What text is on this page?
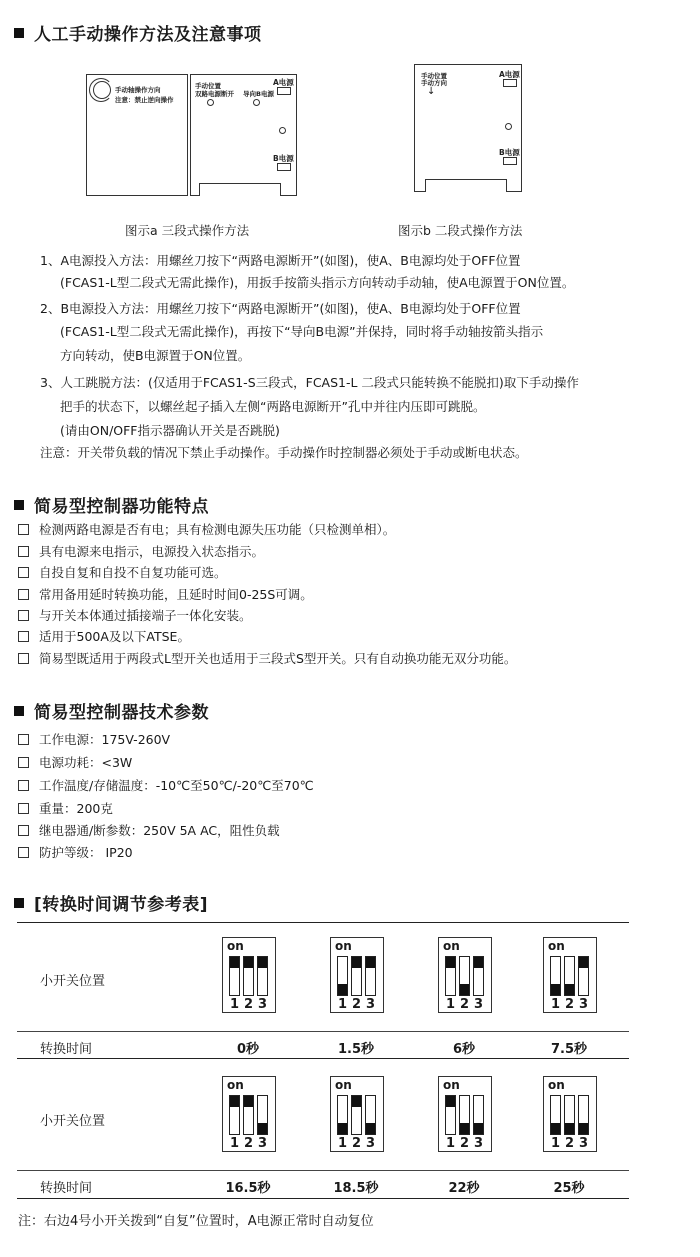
人工手动操作方法及注意事项
手动轴操作方向
注意：禁止逆向操作
手动位置
双路电源断开 导向B电源
A电源
B电源
手动位置
手动方向
↓
A电源
B电源
图示a 三段式操作方法	图示b 二段式操作方法
1、A电源投入方法：用螺丝刀按下“两路电源断开”(如图)，使A、B电源均处于OFF位置
(FCAS1-L型二段式无需此操作)，用扳手按箭头指示方向转动手动轴，使A电源置于ON位置。
2、B电源投入方法：用螺丝刀按下“两路电源断开”(如图)，使A、B电源均处于OFF位置
(FCAS1-L型二段式无需此操作)，再按下“导向B电源”并保持，同时将手动轴按箭头指示
方向转动，使B电源置于ON位置。
3、人工跳脱方法：(仅适用于FCAS1-S三段式，FCAS1-L 二段式只能转换不能脱扣)取下手动操作
把手的状态下，以螺丝起子插入左侧“两路电源断开”孔中并往内压即可跳脱。
(请由ON/OFF指示器确认开关是否跳脱)
注意：开关带负载的情况下禁止手动操作。手动操作时控制器必须处于手动或断电状态。
简易型控制器功能特点
检测两路电源是否有电；具有检测电源失压功能（只检测单相）。
具有电源来电指示，电源投入状态指示。
自投自复和自投不自复功能可选。
常用备用延时转换功能，且延时时间0-25S可调。
与开关本体通过插接端子一体化安装。
适用于500A及以下ATSE。
简易型既适用于两段式L型开关也适用于三段式S型开关。只有自动换功能无双分功能。
简易型控制器技术参数
工作电源：175V-260V
电源功耗：<3W
工作温度/存储温度：-10℃至50℃/-20℃至70℃
重量：200克
继电器通/断参数：250V 5A AC，阻性负载
防护等级： IP20
[转换时间调节参考表]
小开关位置
转换时间
小开关位置
转换时间
on
1 2 3
0秒
on
1 2 3
1.5秒
on
1 2 3
6秒
on
1 2 3
7.5秒
on
1 2 3
16.5秒
on
1 2 3
18.5秒
on
1 2 3
22秒
on
1 2 3
25秒
注：右边4号小开关拨到“自复”位置时，A电源正常时自动复位
